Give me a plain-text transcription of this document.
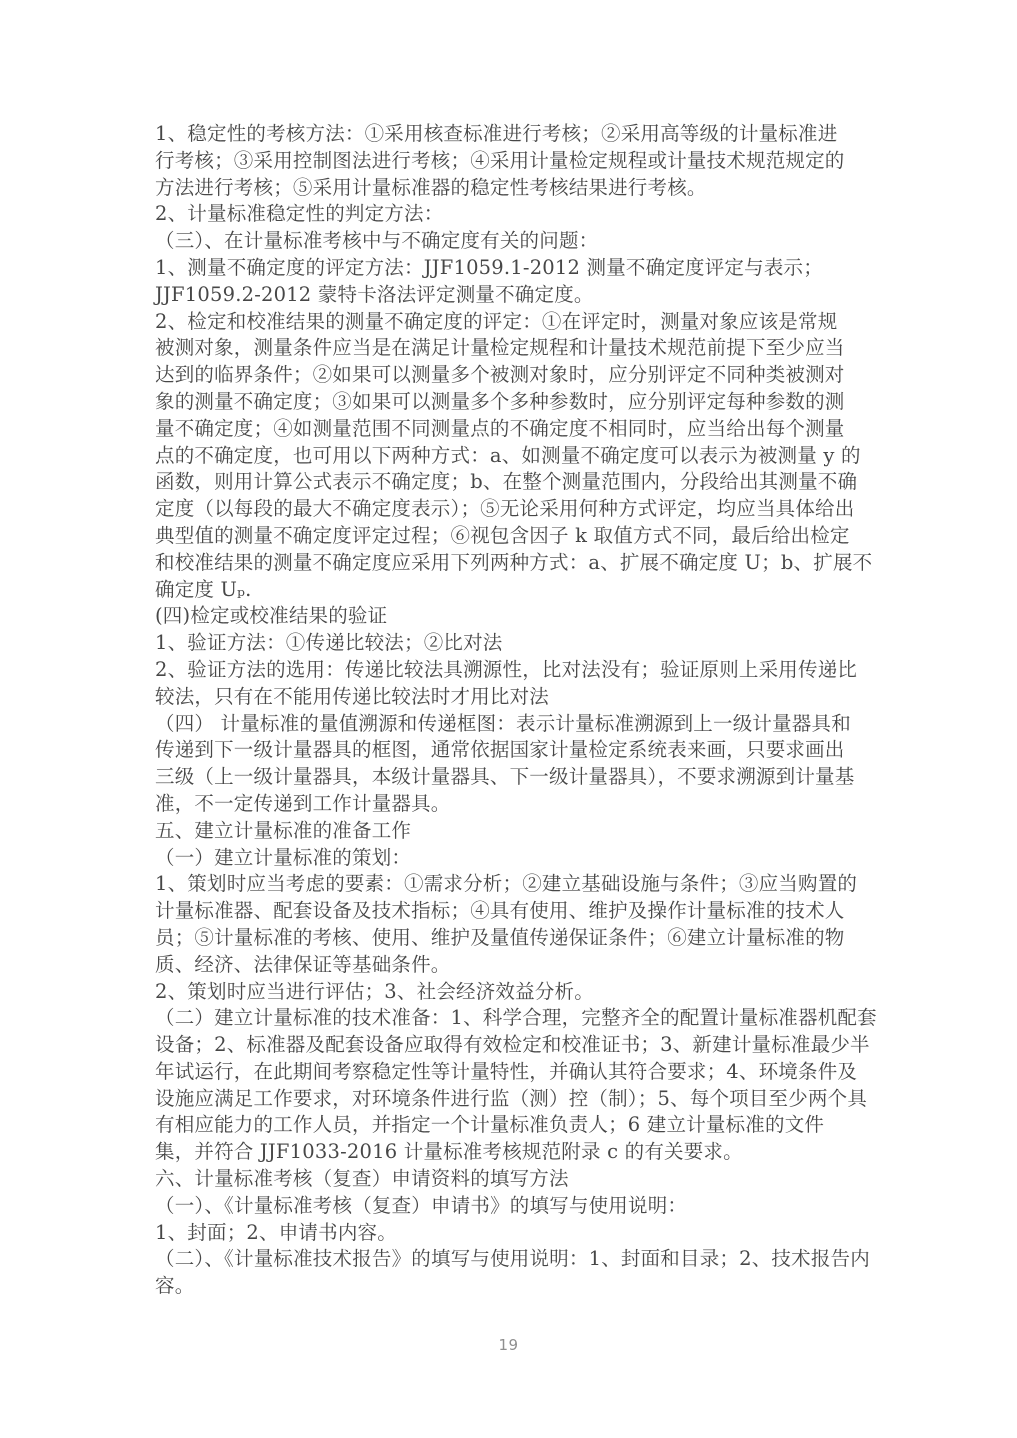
1、稳定性的考核方法：①采用核查标准进行考核；②采用高等级的计量标准进
行考核；③采用控制图法进行考核；④采用计量检定规程或计量技术规范规定的
方法进行考核；⑤采用计量标准器的稳定性考核结果进行考核。
2、计量标准稳定性的判定方法：
（三）、在计量标准考核中与不确定度有关的问题：
1、测量不确定度的评定方法：JJF1059.1-2012 测量不确定度评定与表示；
JJF1059.2-2012 蒙特卡洛法评定测量不确定度。
2、检定和校准结果的测量不确定度的评定：①在评定时，测量对象应该是常规
被测对象，测量条件应当是在满足计量检定规程和计量技术规范前提下至少应当
达到的临界条件；②如果可以测量多个被测对象时，应分别评定不同种类被测对
象的测量不确定度；③如果可以测量多个多种参数时，应分别评定每种参数的测
量不确定度；④如测量范围不同测量点的不确定度不相同时，应当给出每个测量
点的不确定度，也可用以下两种方式：a、如测量不确定度可以表示为被测量 y 的
函数，则用计算公式表示不确定度；b、在整个测量范围内，分段给出其测量不确
定度（以每段的最大不确定度表示）；⑤无论采用何种方式评定，均应当具体给出
典型值的测量不确定度评定过程；⑥视包含因子 k 取值方式不同，最后给出检定
和校准结果的测量不确定度应采用下列两种方式：a、扩展不确定度 U；b、扩展不
确定度 Uₚ.
(四)检定或校准结果的验证
1、验证方法：①传递比较法；②比对法
2、验证方法的选用：传递比较法具溯源性，比对法没有；验证原则上采用传递比
较法，只有在不能用传递比较法时才用比对法
（四） 计量标准的量值溯源和传递框图：表示计量标准溯源到上一级计量器具和
传递到下一级计量器具的框图，通常依据国家计量检定系统表来画，只要求画出
三级（上一级计量器具，本级计量器具、下一级计量器具），不要求溯源到计量基
准，不一定传递到工作计量器具。
五、建立计量标准的准备工作
（一）建立计量标准的策划：
1、策划时应当考虑的要素：①需求分析；②建立基础设施与条件；③应当购置的
计量标准器、配套设备及技术指标；④具有使用、维护及操作计量标准的技术人
员；⑤计量标准的考核、使用、维护及量值传递保证条件；⑥建立计量标准的物
质、经济、法律保证等基础条件。
2、策划时应当进行评估；3、社会经济效益分析。
（二）建立计量标准的技术准备：1、科学合理，完整齐全的配置计量标准器机配套
设备；2、标准器及配套设备应取得有效检定和校准证书；3、新建计量标准最少半
年试运行，在此期间考察稳定性等计量特性，并确认其符合要求；4、环境条件及
设施应满足工作要求，对环境条件进行监（测）控（制）；5、每个项目至少两个具
有相应能力的工作人员，并指定一个计量标准负责人；6 建立计量标准的文件
集，并符合 JJF1033-2016 计量标准考核规范附录 c 的有关要求。
六、计量标准考核（复查）申请资料的填写方法
（一）、《计量标准考核（复查）申请书》的填写与使用说明：
1、封面；2、申请书内容。
（二）、《计量标准技术报告》的填写与使用说明：1、封面和目录；2、技术报告内
容。
19
